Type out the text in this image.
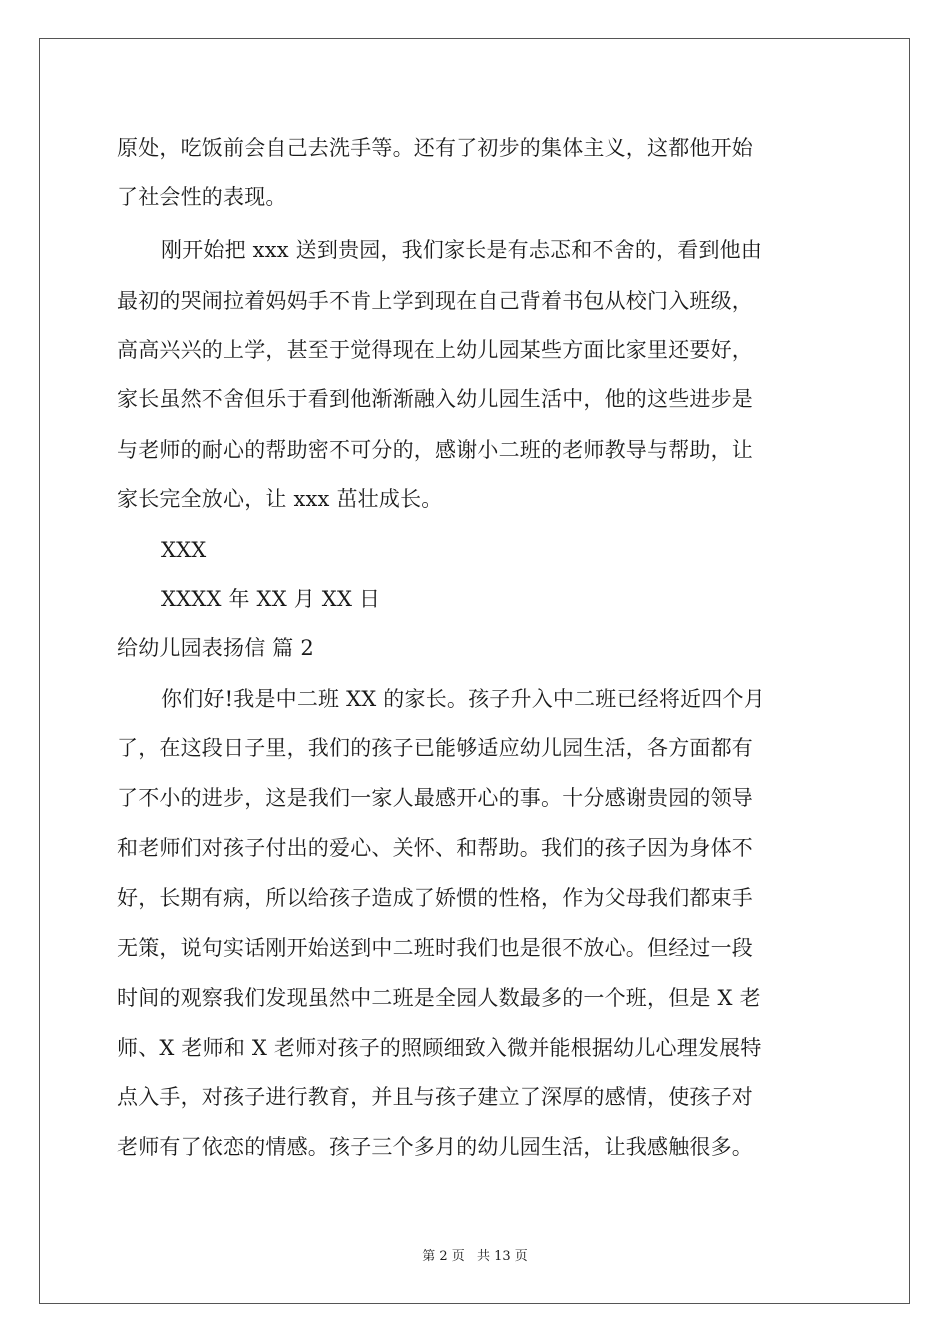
原处，吃饭前会自己去洗手等。还有了初步的集体主义，这都他开始
了社会性的表现。
刚开始把 xxx 送到贵园，我们家长是有忐忑和不舍的，看到他由
最初的哭闹拉着妈妈手不肯上学到现在自己背着书包从校门入班级，
高高兴兴的上学，甚至于觉得现在上幼儿园某些方面比家里还要好，
家长虽然不舍但乐于看到他渐渐融入幼儿园生活中，他的这些进步是
与老师的耐心的帮助密不可分的，感谢小二班的老师教导与帮助，让
家长完全放心，让 xxx 茁壮成长。
XXX
XXXX 年 XX 月 XX 日
给幼儿园表扬信 篇 2
你们好!我是中二班 XX 的家长。孩子升入中二班已经将近四个月
了，在这段日子里，我们的孩子已能够适应幼儿园生活，各方面都有
了不小的进步，这是我们一家人最感开心的事。十分感谢贵园的领导
和老师们对孩子付出的爱心、关怀、和帮助。我们的孩子因为身体不
好，长期有病，所以给孩子造成了娇惯的性格，作为父母我们都束手
无策，说句实话刚开始送到中二班时我们也是很不放心。但经过一段
时间的观察我们发现虽然中二班是全园人数最多的一个班，但是 X 老
师、X 老师和 X 老师对孩子的照顾细致入微并能根据幼儿心理发展特
点入手，对孩子进行教育，并且与孩子建立了深厚的感情，使孩子对
老师有了依恋的情感。孩子三个多月的幼儿园生活，让我感触很多。
第 2 页 共 13 页
